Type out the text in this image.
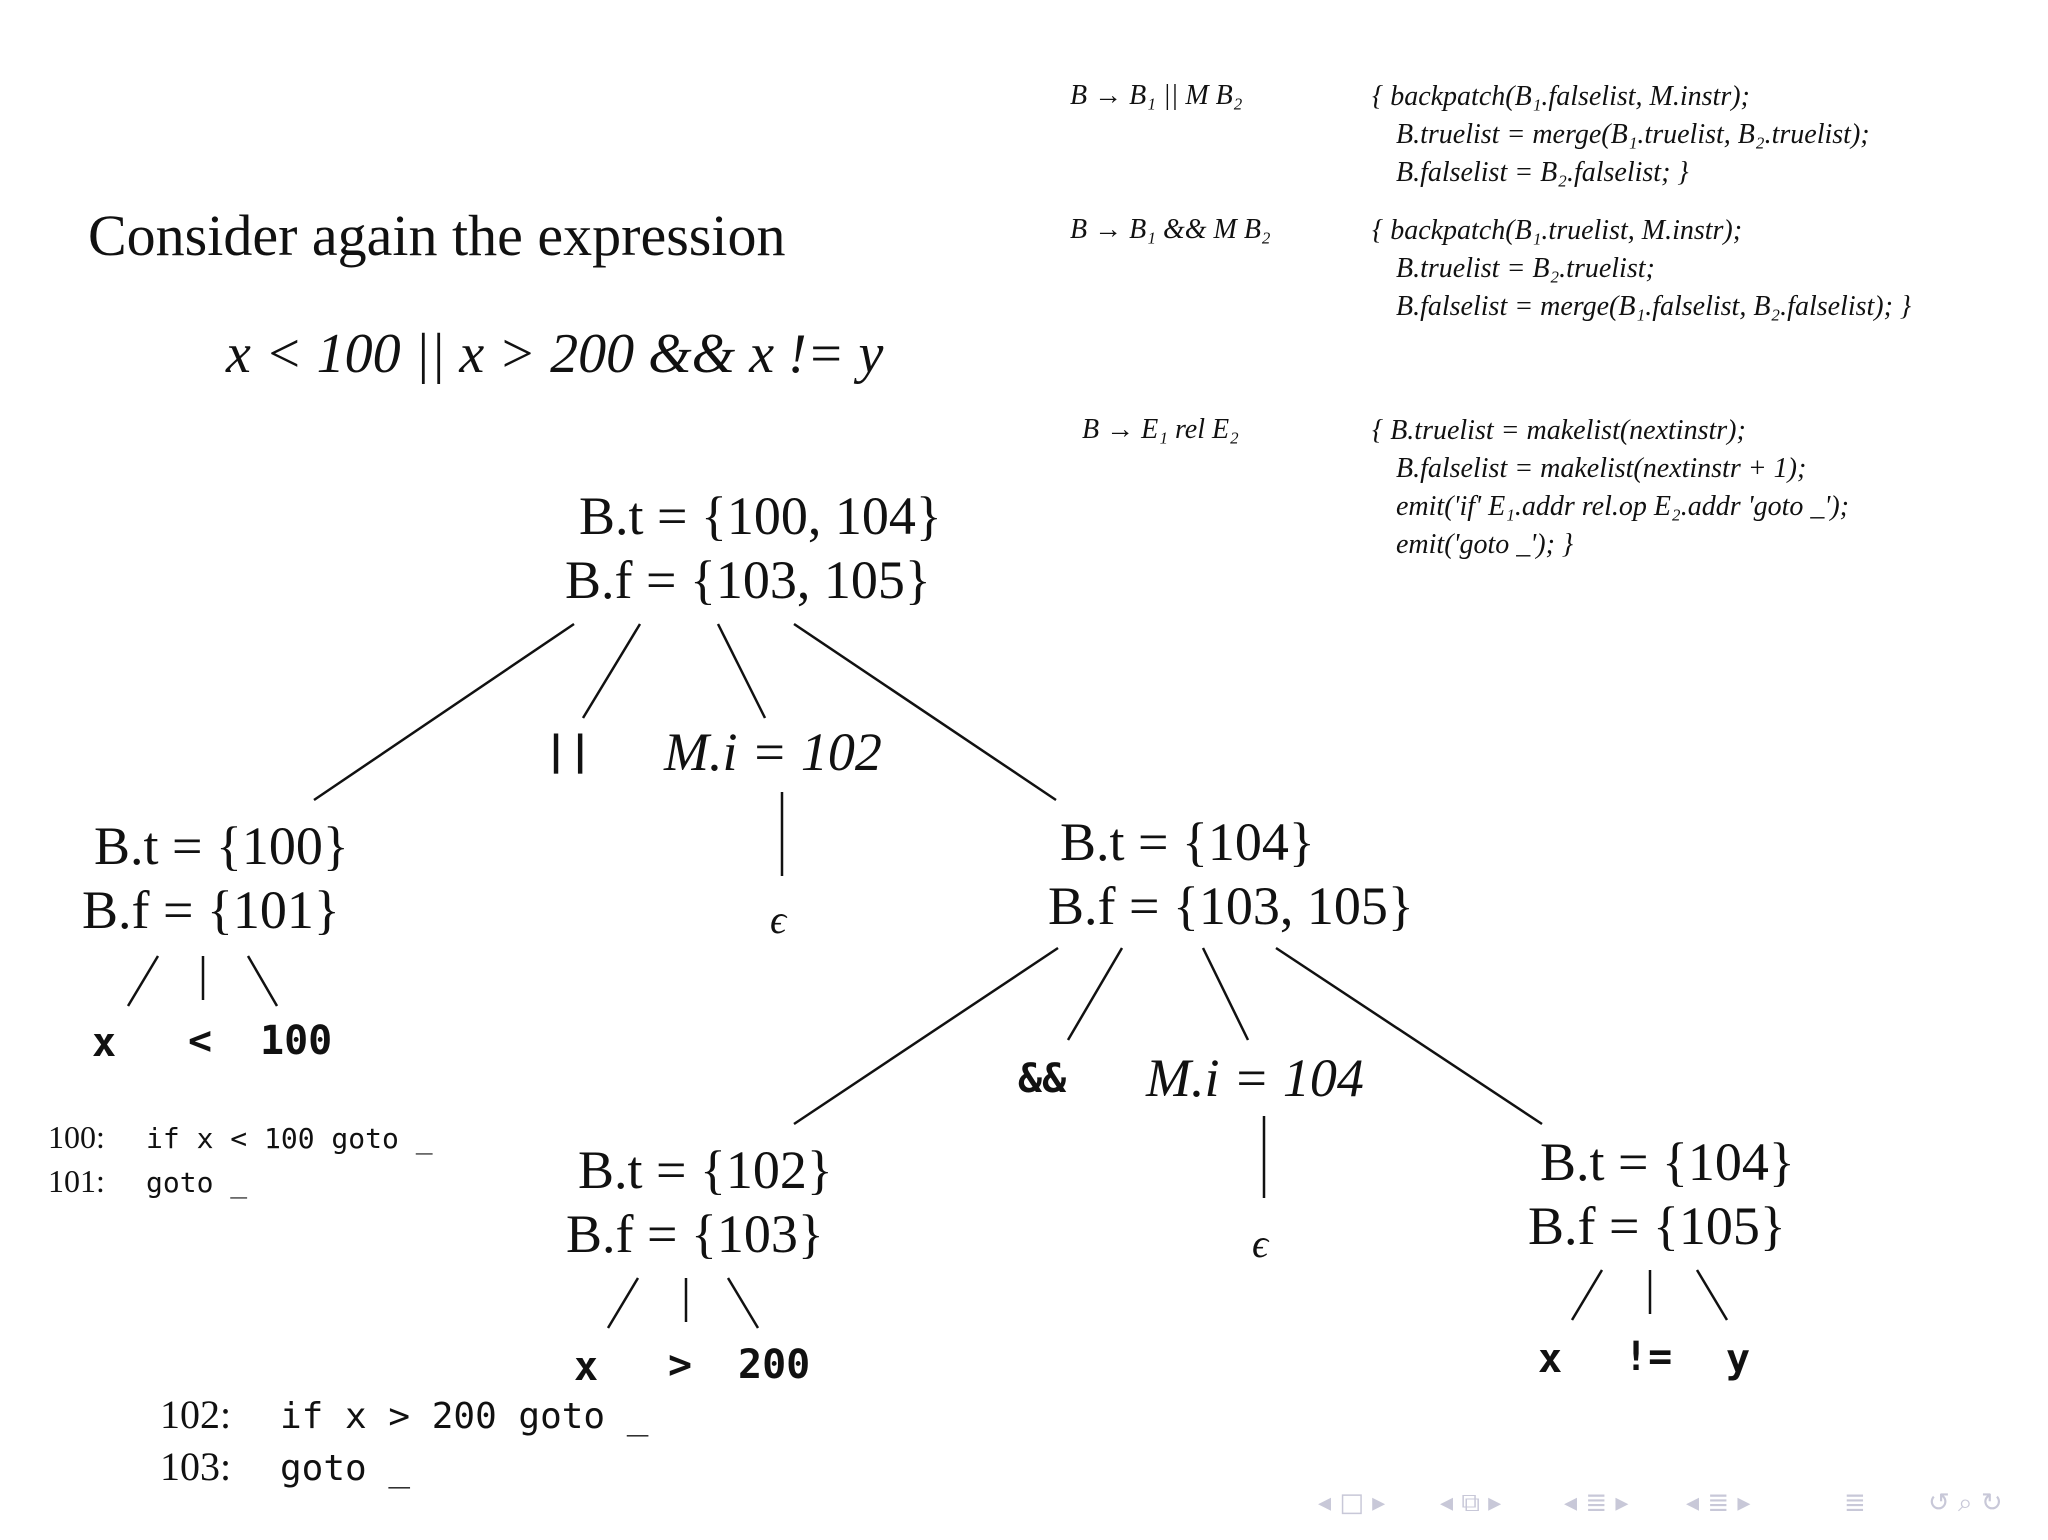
Consider again the expression
x < 100 || x > 200 && x != y
B → B₁ || M B₂	{ backpatch(B₁.falselist, M.instr);
B.truelist = merge(B₁.truelist, B₂.truelist);
B.falselist = B₂.falselist; }
B → B₁ && M B₂	{ backpatch(B₁.truelist, M.instr);
B.truelist = B₂.truelist;
B.falselist = merge(B₁.falselist, B₂.falselist); }
B → E₁ rel E₂	{ B.truelist = makelist(nextinstr);
B.falselist = makelist(nextinstr + 1);
emit('if' E₁.addr rel.op E₂.addr 'goto _');
emit('goto _'); }
B.t = {100, 104}
B.f = {103, 105}
|| M.i = 102
ϵ
B.t = {100}
B.f = {101}
x < 100
100: if x < 100 goto _
101: goto _
B.t = {104}
B.f = {103, 105}
&& M.i = 104
ϵ
B.t = {102}
B.f = {103}
x > 200
102: if x > 200 goto _
103: goto _
B.t = {104}
B.f = {105}
x != y
◂ □ ▸ ◂ ⧉ ▸ ◂ ≣ ▸ ◂ ≣ ▸	≣ ↺ ⌕ ↻
